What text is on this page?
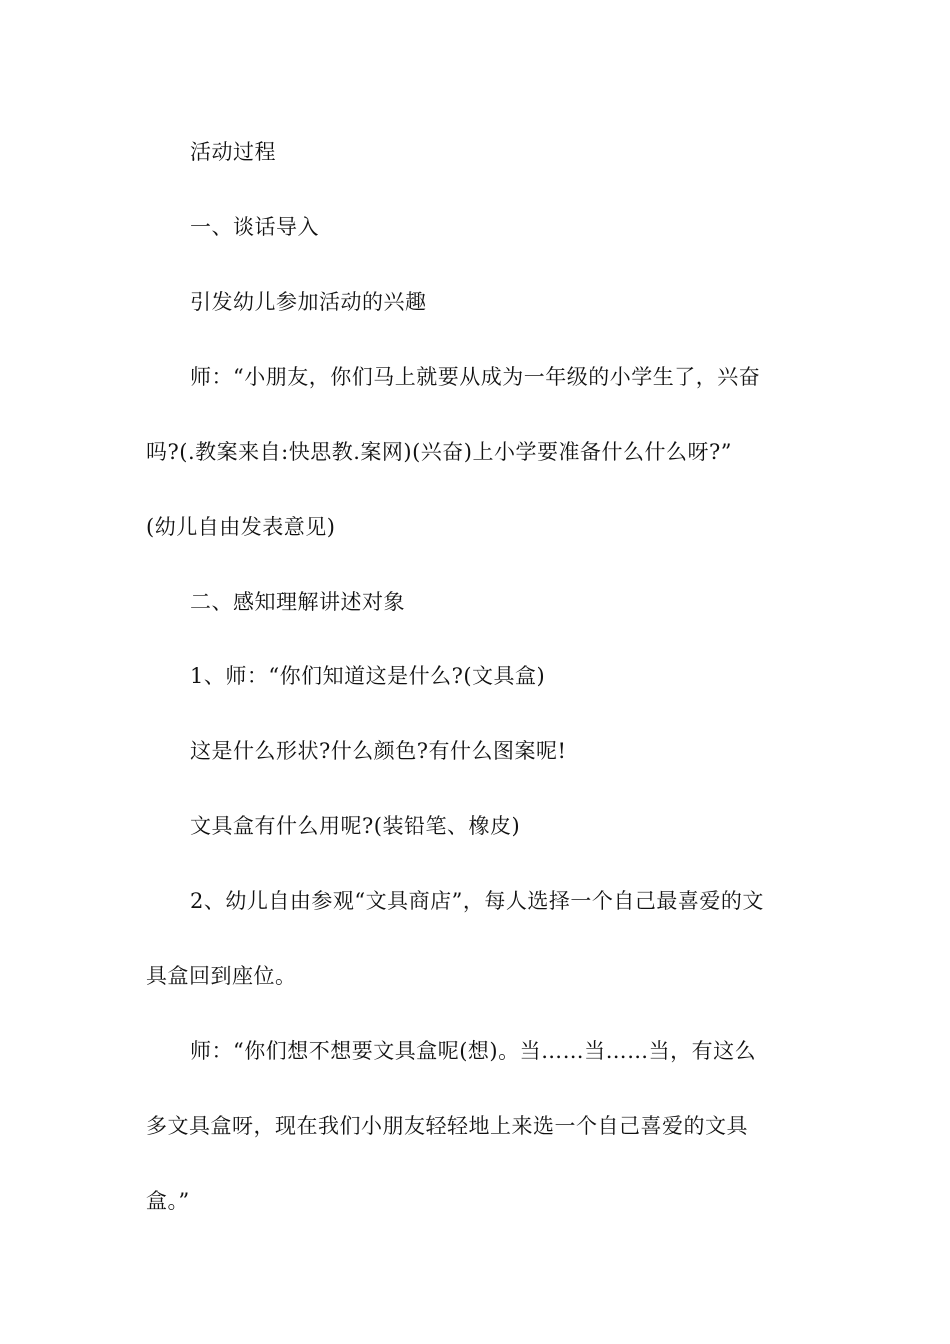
活动过程
一、谈话导入
引发幼儿参加活动的兴趣
师：“小朋友，你们马上就要从成为一年级的小学生了，兴奋
吗?(.教案来自:快思教.案网)(兴奋)上小学要准备什么什么呀?”
(幼儿自由发表意见)
二、感知理解讲述对象
1、师：“你们知道这是什么?(文具盒)
这是什么形状?什么颜色?有什么图案呢!
文具盒有什么用呢?(装铅笔、橡皮)
2、幼儿自由参观“文具商店”，每人选择一个自己最喜爱的文
具盒回到座位。
师：“你们想不想要文具盒呢(想)。当……当……当，有这么
多文具盒呀，现在我们小朋友轻轻地上来选一个自己喜爱的文具
盒。”
